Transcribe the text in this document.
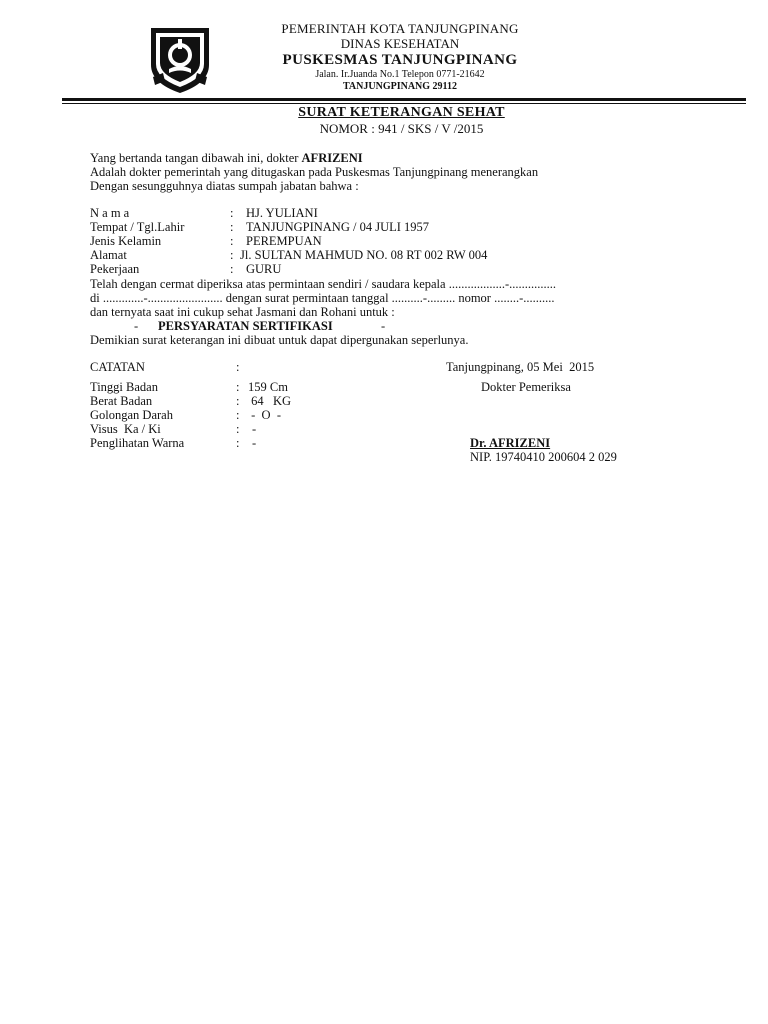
PEMERINTAH KOTA TANJUNGPINANG
DINAS KESEHATAN
PUSKESMAS TANJUNGPINANG
Jalan. Ir.Juanda No.1 Telepon 0771-21642
TANJUNGPINANG 29112
SURAT KETERANGAN SEHAT
NOMOR : 941 / SKS / V /2015
Yang bertanda tangan dibawah ini, dokter AFRIZENI
Adalah dokter pemerintah yang ditugaskan pada Puskesmas Tanjungpinang menerangkan
Dengan sesungguhnya diatas sumpah jabatan bahwa :
N a m a	: HJ. YULIANI
Tempat / Tgl.Lahir	: TANJUNGPINANG / 04 JULI 1957
Jenis Kelamin	: PEREMPUAN
Alamat	: Jl. SULTAN MAHMUD NO. 08 RT 002 RW 004
Pekerjaan	: GURU
Telah dengan cermat diperiksa atas permintaan sendiri / saudara kepala ..................-...............
di .............-........................ dengan surat permintaan tanggal ..........-......... nomor ........-..........
dan ternyata saat ini cukup sehat Jasmani dan Rohani untuk :
- PERSYARATAN SERTIFIKASI	-
Demikian surat keterangan ini dibuat untuk dapat dipergunakan seperlunya.
CATATAN	:
Tinggi Badan	: 159 Cm
Berat Badan	: 64   KG
Golongan Darah	: -  O  -
Visus  Ka / Ki	: -
Penglihatan Warna	: -
Tanjungpinang, 05 Mei  2015
Dokter Pemeriksa
Dr. AFRIZENI
NIP. 19740410 200604 2 029
